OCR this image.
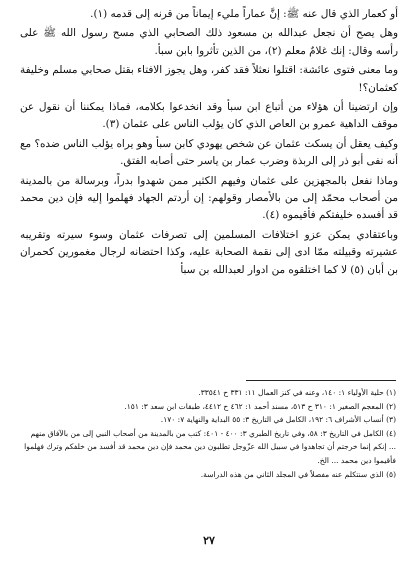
أو كعمار الذي قال عنه ﷺ: إنَّ عماراً مليء إيماناً من قرنه إلى قدمه (١).

وهل يصح أن نجعل عبدالله بن مسعود ذلك الصحابي الذي مسح رسول الله ﷺ على رأسه وقال: إنك غلامٌ معلم (٢)، من الذين تأثروا بابن سبأ.

وما معنى فتوى عائشة: اقتلوا نعثلاً فقد كفر، وهل يجوز الافتاء بقتل صحابي مسلم وخليفة كعثمان؟!

وإن ارتضينا أن هؤلاء من أتباع ابن سبأ وقد انخدعوا بكلامه، فماذا يمكننا أن نقول عن موقف الداهية عمرو بن العاص الذي كان يؤلب الناس على عثمان (٣).

وكيف يعقل أن يسكت عثمان عن شخص يهودي كابن سبأ وهو يراه يؤلب الناس ضده؟ مع أنه نفى أبو ذر إلى الربذة وضرب عمار بن ياسر حتى أصابه الفتق.

وماذا نفعل بالمجهزين على عثمان وفيهم الكثير ممن شهدوا بدراً، وبرسالة من بالمدينة من أصحاب محمّد إلى من بالأمصار وقولهم: إن أردتم الجهاد فهلموا إليه فإن دين محمد قد أفسده خليفتكم فأقيموه (٤).

وباعتقادي يمكن عزو اختلافات المسلمين إلى تصرفات عثمان وسوء سيرته وتقريبه عشيرته وقبيلته ممّا ادى إلى نقمة الصحابة عليه، وكذا احتضانه لرجال مغمورين كحمران بن أبان (٥) لا كما اختلقوه من ادوار لعبدالله بن سبأ

(١) حلية الأولياء ١: ١٤٠، وعنه في كنز العمال ١١: ٣٣١ ح ٣٣٥٤١.

(٢) المعجم الصغير ١: ٣١٠ ح ٥١٣، مسند أحمد ١: ٤٦٢ ح ٤٤١٢، طبقات ابن سعد ٣: ١٥١.

(٣) أنساب الأشراف ٦: ١٩٢، الكامل في التاريخ ٣: ٥٥ البداية والنهاية ٧: ١٧٠.

(٤) الكامل في التاريخ ٣: ٥٨، وفي تاريخ الطبري ٣: ٤٠٠ - ٤٠١: كتب من بالمدينة من أصحاب النبي إلى من بالآفاق منهم ... إنكم إنما خرجتم أن تجاهدوا في سبيل الله عزّوجل تطلبون دين محمد فإن دين محمد قد أفسد من خلفكم وترك فهلموا فأقيموا دين محمد ... الخ.

(٥) الذي سنتكلم عنه مفصلاً في المجلد الثاني من هذه الدراسة.

٢٧
